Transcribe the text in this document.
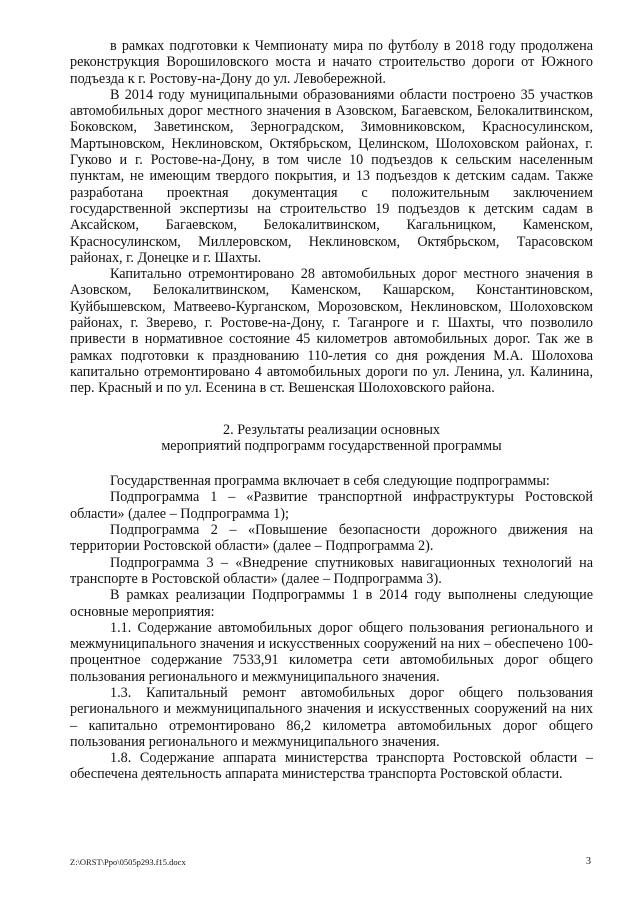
в рамках подготовки к Чемпионату мира по футболу в 2018 году продолжена реконструкция Ворошиловского моста и начато строительство дороги от Южного подъезда к г. Ростову-на-Дону до ул. Левобережной.

В 2014 году муниципальными образованиями области построено 35 участков автомобильных дорог местного значения в Азовском, Багаевском, Белокалитвинском, Боковском, Заветинском, Зерноградском, Зимовниковском, Красносулинском, Мартыновском, Неклиновском, Октябрьском, Целинском, Шолоховском районах, г. Гуково и г. Ростове-на-Дону, в том числе 10 подъездов к сельским населенным пунктам, не имеющим твердого покрытия, и 13 подъездов к детским садам. Также разработана проектная документация с положительным заключением государственной экспертизы на строительство 19 подъездов к детским садам в Аксайском, Багаевском, Белокалитвинском, Кагальницком, Каменском, Красносулинском, Миллеровском, Неклиновском, Октябрьском, Тарасовском районах, г. Донецке и г. Шахты.

Капитально отремонтировано 28 автомобильных дорог местного значения в Азовском, Белокалитвинском, Каменском, Кашарском, Константиновском, Куйбышевском, Матвеево-Курганском, Морозовском, Неклиновском, Шолоховском районах, г. Зверево, г. Ростове-на-Дону, г. Таганроге и г. Шахты, что позволило привести в нормативное состояние 45 километров автомобильных дорог. Так же в рамках подготовки к празднованию 110-летия со дня рождения М.А. Шолохова капитально отремонтировано 4 автомобильных дороги по ул. Ленина, ул. Калинина, пер. Красный и по ул. Есенина в ст. Вешенская Шолоховского района.

2. Результаты реализации основных
мероприятий подпрограмм государственной программы

Государственная программа включает в себя следующие подпрограммы:

Подпрограмма 1 – «Развитие транспортной инфраструктуры Ростовской области» (далее – Подпрограмма 1);

Подпрограмма 2 – «Повышение безопасности дорожного движения на территории Ростовской области» (далее – Подпрограмма 2).

Подпрограмма 3 – «Внедрение спутниковых навигационных технологий на транспорте в Ростовской области» (далее – Подпрограмма 3).

В рамках реализации Подпрограммы 1 в 2014 году выполнены следующие основные мероприятия:

1.1. Содержание автомобильных дорог общего пользования регионального и межмуниципального значения и искусственных сооружений на них – обеспечено 100-процентное содержание 7533,91 километра сети автомобильных дорог общего пользования регионального и межмуниципального значения.

1.3. Капитальный ремонт автомобильных дорог общего пользования регионального и межмуниципального значения и искусственных сооружений на них – капитально отремонтировано 86,2 километра автомобильных дорог общего пользования регионального и межмуниципального значения.

1.8. Содержание аппарата министерства транспорта Ростовской области – обеспечена деятельность аппарата министерства транспорта Ростовской области.

Z:\ORST\Ppo\0505p293.f15.docx	3
